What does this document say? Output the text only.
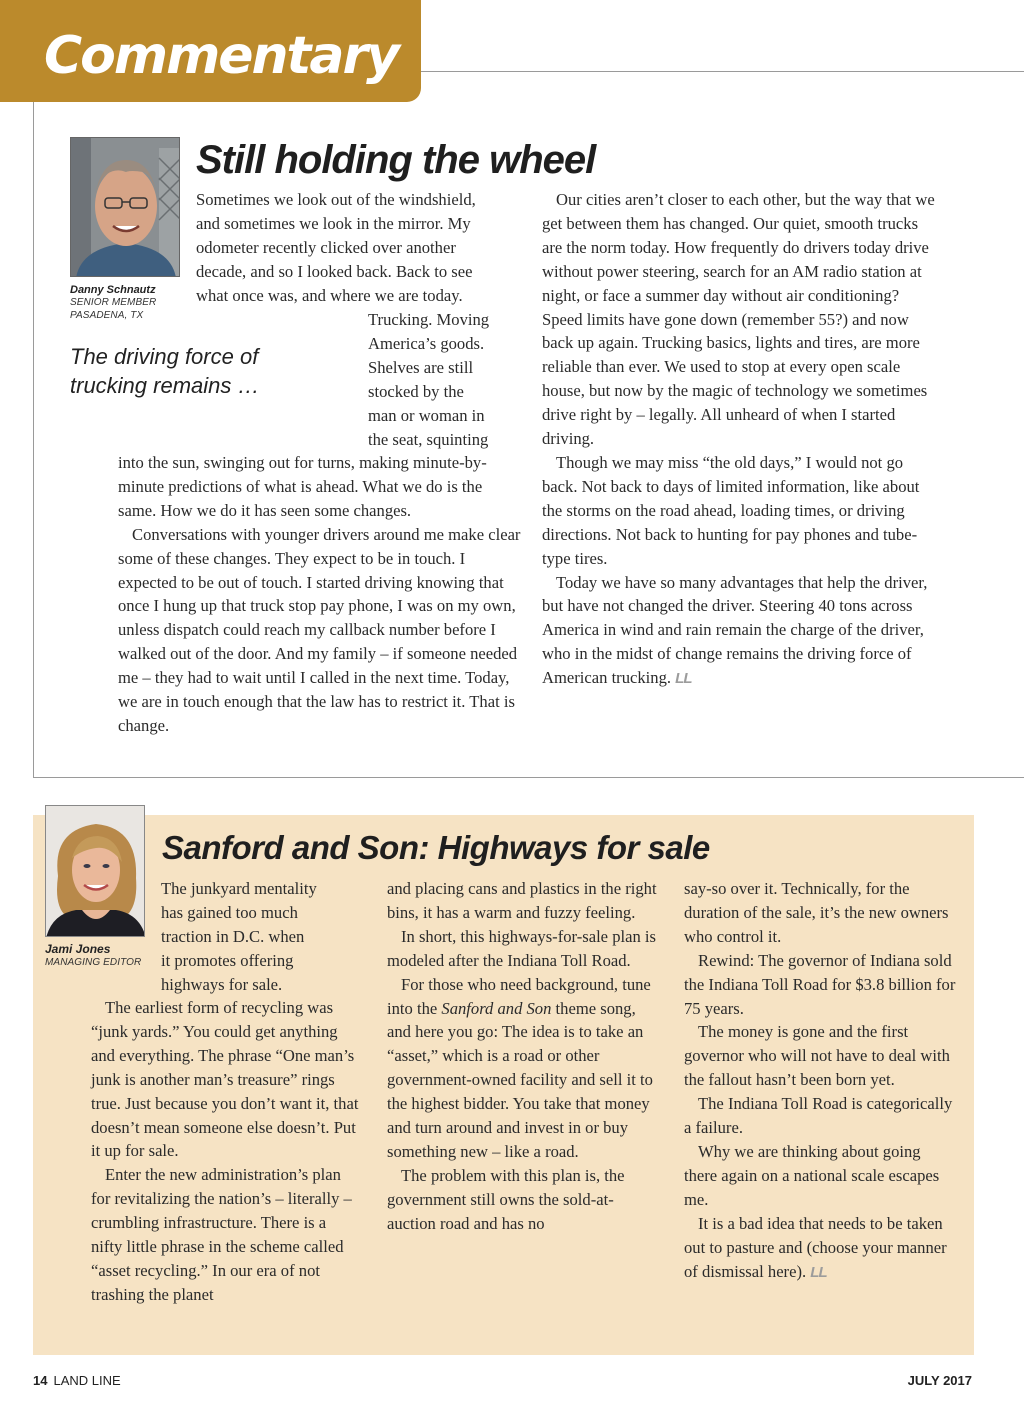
Commentary
Danny Schnautz
SENIOR MEMBER
PASADENA, TX
Still holding the wheel
The driving force of trucking remains …
Sometimes we look out of the windshield,
and sometimes we look in the mirror. My
odometer recently clicked over another
decade, and so I looked back. Back to see
what once was, and where we are today.
Trucking. Moving
America’s goods.
Shelves are still
stocked by the
man or woman in
the seat, squinting

into the sun, swinging out for turns, making minute-by-minute predictions of what is ahead. What we do is the same. How we do it has seen some changes.

Conversations with younger drivers around me make clear some of these changes. They expect to be in touch. I expected to be out of touch. I started driving knowing that once I hung up that truck stop pay phone, I was on my own, unless dispatch could reach my callback number before I walked out of the door. And my family – if someone needed me – they had to wait until I called in the next time. Today, we are in touch enough that the law has to restrict it. That is change.

Our cities aren’t closer to each other, but the way that we get between them has changed. Our quiet, smooth trucks are the norm today. How frequently do drivers today drive without power steering, search for an AM radio station at night, or face a summer day without air conditioning? Speed limits have gone down (remember 55?) and now back up again. Trucking basics, lights and tires, are more reliable than ever. We used to stop at every open scale house, but now by the magic of technology we sometimes drive right by – legally. All unheard of when I started driving.

Though we may miss “the old days,” I would not go back. Not back to days of limited information, like about the storms on the road ahead, loading times, or driving directions. Not back to hunting for pay phones and tube-type tires.

Today we have so many advantages that help the driver, but have not changed the driver. Steering 40 tons across America in wind and rain remain the charge of the driver, who in the midst of change remains the driving force of American trucking. LL

Jami Jones
MANAGING EDITOR
Sanford and Son: Highways for sale
The junkyard mentality
has gained too much
traction in D.C. when
it promotes offering
highways for sale.

The earliest form of recycling was “junk yards.” You could get anything and everything. The phrase “One man’s junk is another man’s treasure” rings true. Just because you don’t want it, that doesn’t mean someone else doesn’t. Put it up for sale.

Enter the new administration’s plan for revitalizing the nation’s – literally – crumbling infrastructure. There is a nifty little phrase in the scheme called “asset recycling.” In our era of not trashing the planet

and placing cans and plastics in the right bins, it has a warm and fuzzy feeling.

In short, this highways-for-sale plan is modeled after the Indiana Toll Road.

For those who need background, tune into the Sanford and Son theme song, and here you go: The idea is to take an “asset,” which is a road or other government-owned facility and sell it to the highest bidder. You take that money and turn around and invest in or buy something new – like a road.

The problem with this plan is, the government still owns the sold-at-auction road and has no

say-so over it. Technically, for the duration of the sale, it’s the new owners who control it.

Rewind: The governor of Indiana sold the Indiana Toll Road for $3.8 billion for 75 years.

The money is gone and the first governor who will not have to deal with the fallout hasn’t been born yet.

The Indiana Toll Road is categorically a failure.

Why we are thinking about going there again on a national scale escapes me.

It is a bad idea that needs to be taken out to pasture and (choose your manner of dismissal here). LL

14 LAND LINE	JULY 2017
